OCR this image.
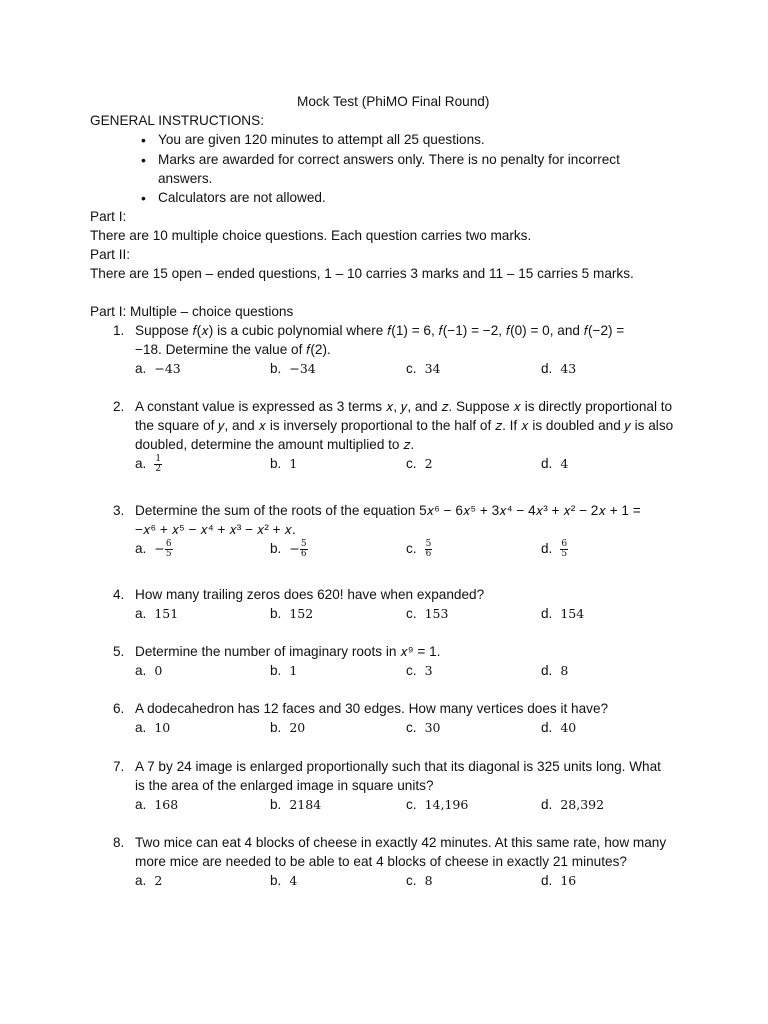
Mock Test (PhiMO Final Round)
GENERAL INSTRUCTIONS:
• You are given 120 minutes to attempt all 25 questions.
• Marks are awarded for correct answers only. There is no penalty for incorrect
answers.
• Calculators are not allowed.
Part I:
There are 10 multiple choice questions. Each question carries two marks.
Part II:
There are 15 open – ended questions, 1 – 10 carries 3 marks and 11 – 15 carries 5 marks.
Part I: Multiple – choice questions
1. Suppose 𝑓(𝑥) is a cubic polynomial where 𝑓(1) = 6, 𝑓(−1) = −2, 𝑓(0) = 0, and 𝑓(−2) =
−18. Determine the value of 𝑓(2).
a. −43	b. −34	c. 34	d. 43
2. A constant value is expressed as 3 terms 𝑥, 𝑦, and 𝑧. Suppose 𝑥 is directly proportional to
the square of 𝑦, and 𝑥 is inversely proportional to the half of 𝑧. If 𝑥 is doubled and 𝑦 is also
doubled, determine the amount multiplied to 𝑧.
a. $\frac{1}{2}$	b. 1	c. 2	d. 4
3. Determine the sum of the roots of the equation 5𝑥⁶ − 6𝑥⁵ + 3𝑥⁴ − 4𝑥³ + 𝑥² − 2𝑥 + 1 =
−𝑥⁶ + 𝑥⁵ − 𝑥⁴ + 𝑥³ − 𝑥² + 𝑥.
a. − $\frac{6}{5}$	b. − $\frac{5}{6}$	c. $\frac{5}{6}$	d. $\frac{6}{5}$
4. How many trailing zeros does 620! have when expanded?
a. 151	b. 152	c. 153	d. 154
5. Determine the number of imaginary roots in 𝑥⁹ = 1.
a. 0	b. 1	c. 3	d. 8
6. A dodecahedron has 12 faces and 30 edges. How many vertices does it have?
a. 10	b. 20	c. 30	d. 40
7. A 7 by 24 image is enlarged proportionally such that its diagonal is 325 units long. What
is the area of the enlarged image in square units?
a. 168	b. 2184	c. 14,196	d. 28,392
8. Two mice can eat 4 blocks of cheese in exactly 42 minutes. At this same rate, how many
more mice are needed to be able to eat 4 blocks of cheese in exactly 21 minutes?
a. 2	b. 4	c. 8	d. 16
